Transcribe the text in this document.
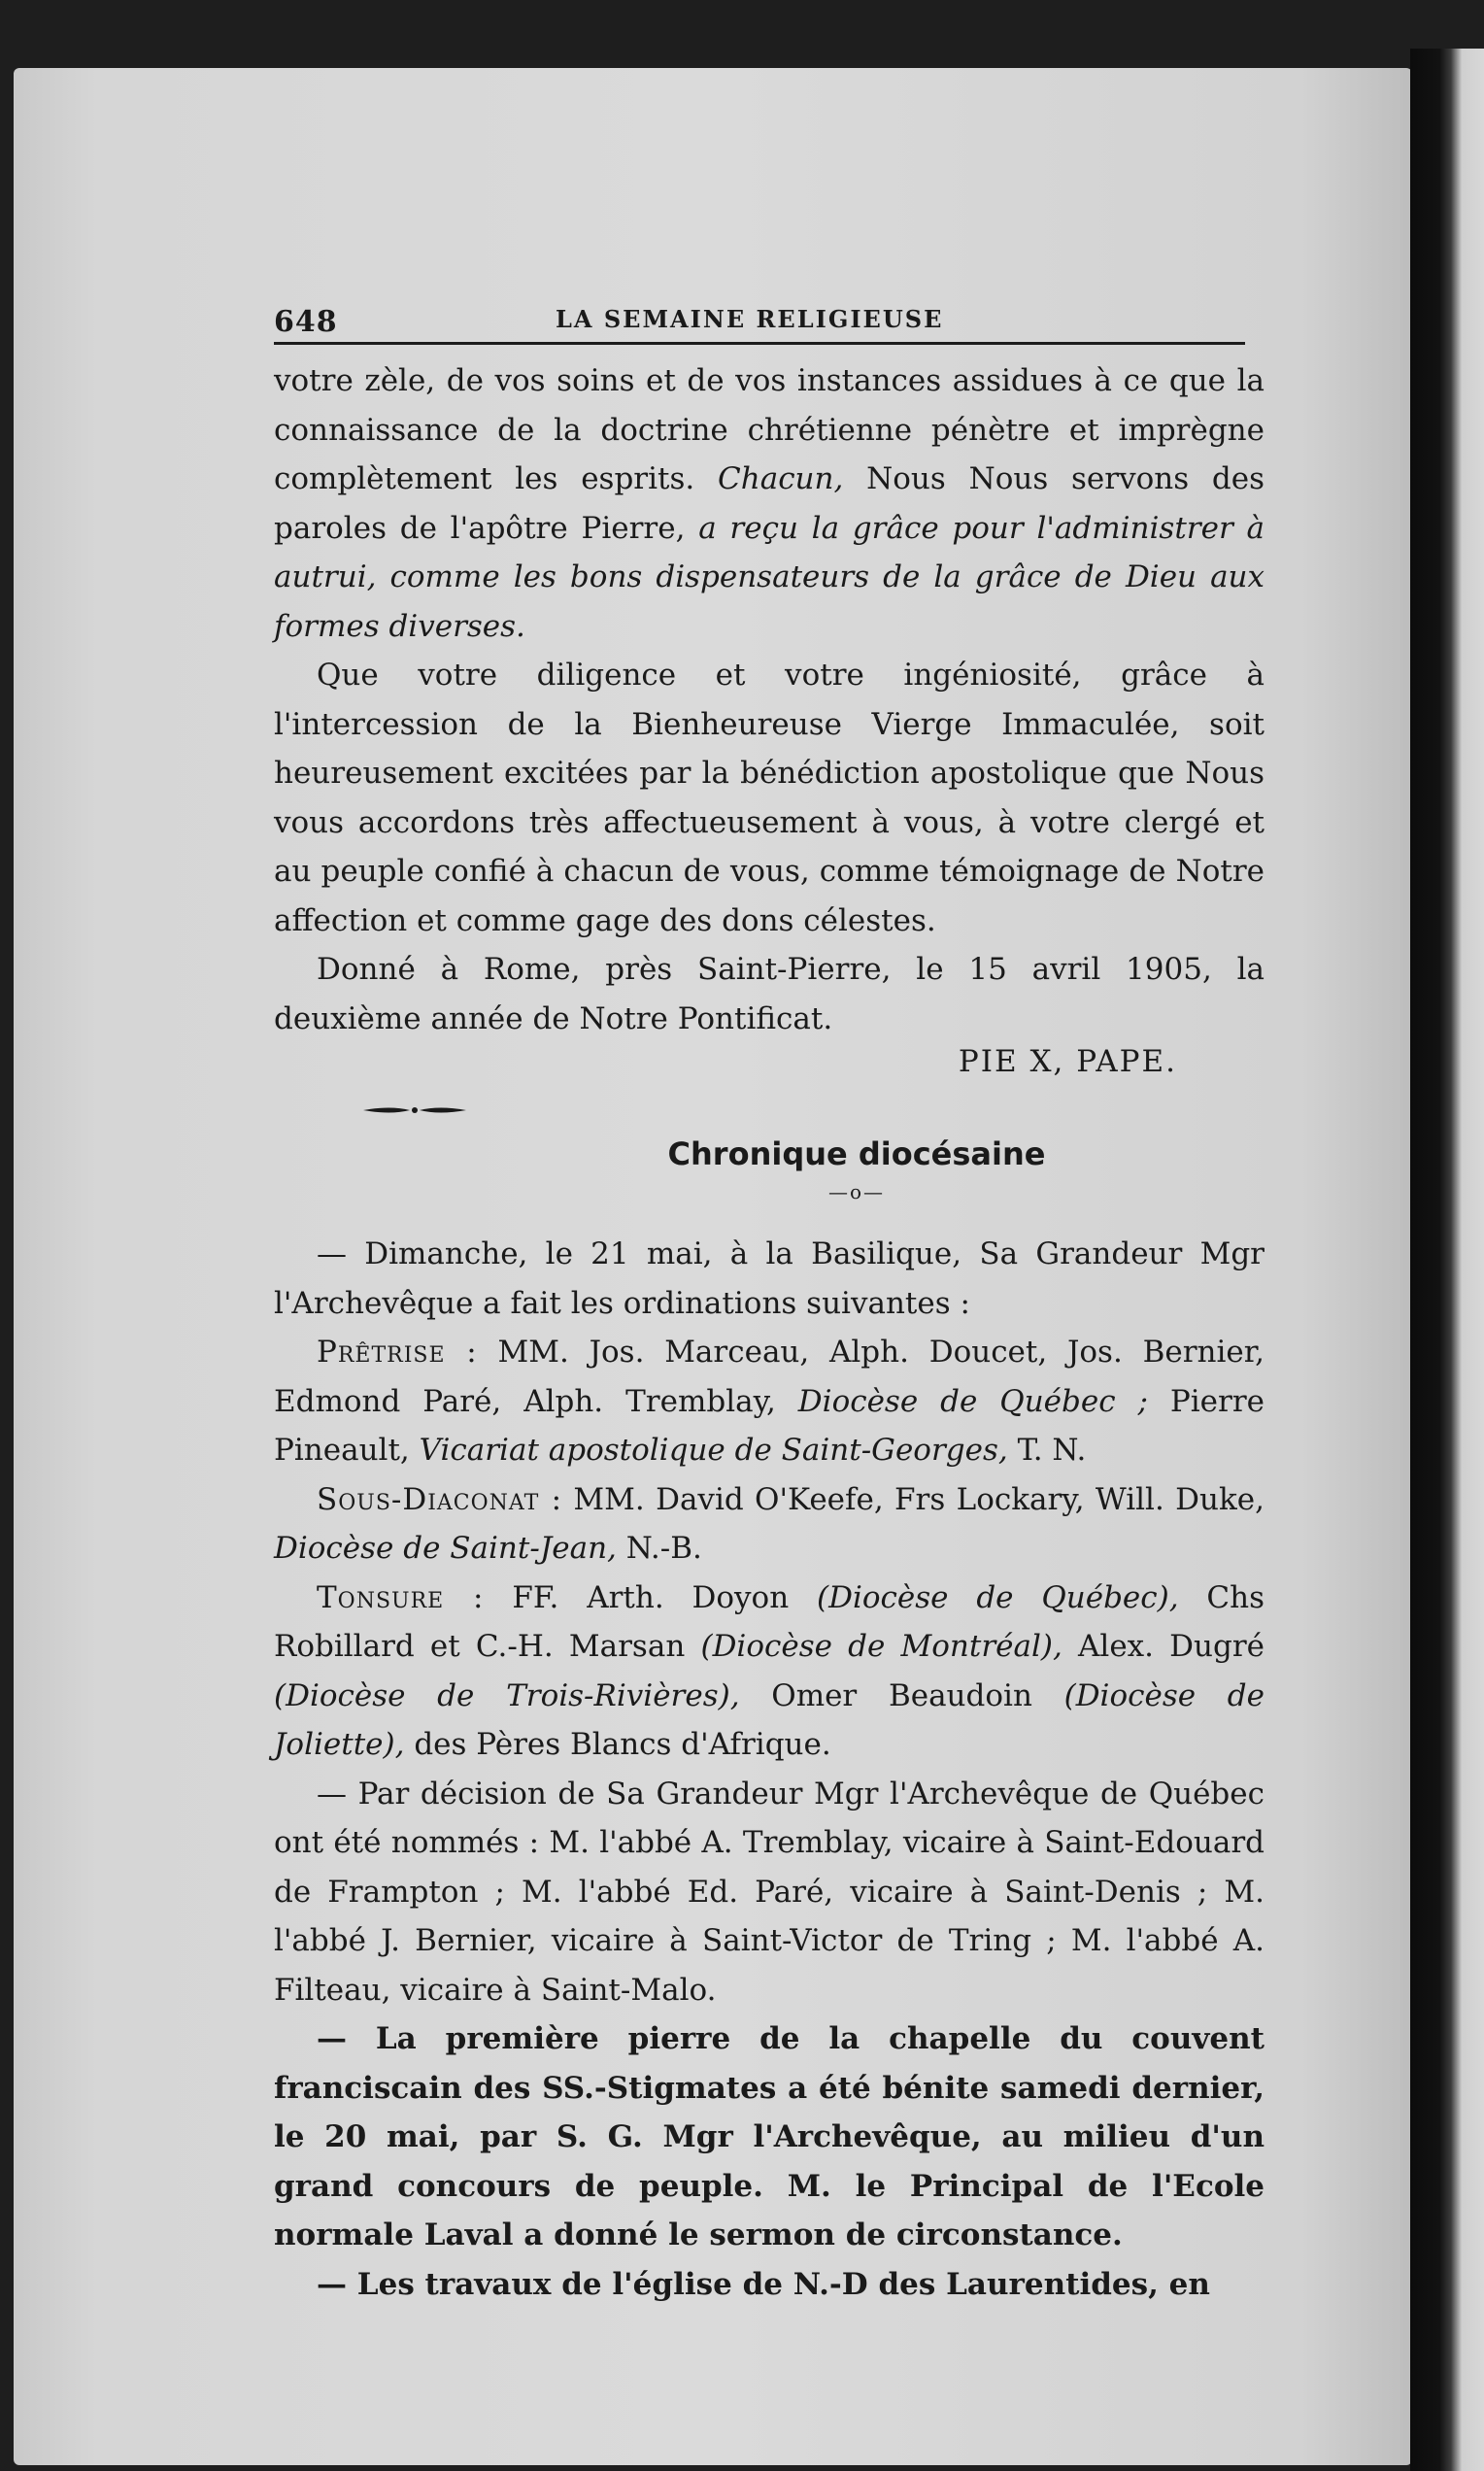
648	LA SEMAINE RELIGIEUSE

votre zèle, de vos soins et de vos instances assidues à ce que la connaissance de la doctrine chrétienne pénètre et imprègne complètement les esprits. Chacun, Nous Nous servons des paroles de l'apôtre Pierre, a reçu la grâce pour l'administrer à autrui, comme les bons dispensateurs de la grâce de Dieu aux formes diverses.

Que votre diligence et votre ingéniosité, grâce à l'intercession de la Bienheureuse Vierge Immaculée, soit heureusement excitées par la bénédiction apostolique que Nous vous accordons très affectueusement à vous, à votre clergé et au peuple confié à chacun de vous, comme témoignage de Notre affection et comme gage des dons célestes.

Donné à Rome, près Saint-Pierre, le 15 avril 1905, la deuxième année de Notre Pontificat.

PIE X, PAPE.
Chronique diocésaine
—o—

— Dimanche, le 21 mai, à la Basilique, Sa Grandeur Mgr l'Archevêque a fait les ordinations suivantes :

Prêtrise : MM. Jos. Marceau, Alph. Doucet, Jos. Bernier, Edmond Paré, Alph. Tremblay, Diocèse de Québec ; Pierre Pineault, Vicariat apostolique de Saint-Georges, T. N.

Sous-Diaconat : MM. David O'Keefe, Frs Lockary, Will. Duke, Diocèse de Saint-Jean, N.-B.

Tonsure : FF. Arth. Doyon (Diocèse de Québec), Chs Robillard et C.-H. Marsan (Diocèse de Montréal), Alex. Dugré (Diocèse de Trois-Rivières), Omer Beaudoin (Diocèse de Joliette), des Pères Blancs d'Afrique.

— Par décision de Sa Grandeur Mgr l'Archevêque de Québec ont été nommés : M. l'abbé A. Tremblay, vicaire à Saint-Edouard de Frampton ; M. l'abbé Ed. Paré, vicaire à Saint-Denis ; M. l'abbé J. Bernier, vicaire à Saint-Victor de Tring ; M. l'abbé A. Filteau, vicaire à Saint-Malo.

— La première pierre de la chapelle du couvent franciscain des SS.-Stigmates a été bénite samedi dernier, le 20 mai, par S. G. Mgr l'Archevêque, au milieu d'un grand concours de peuple. M. le Principal de l'Ecole normale Laval a donné le sermon de circonstance.

— Les travaux de l'église de N.-D des Laurentides, en
